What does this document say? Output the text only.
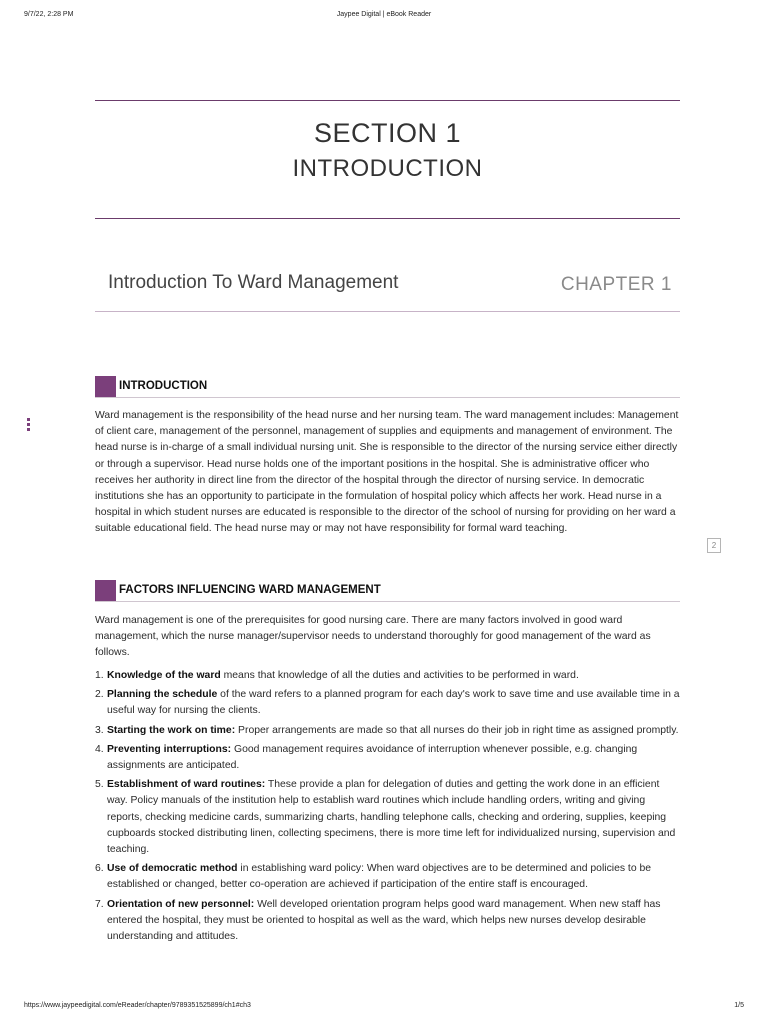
9/7/22, 2:28 PM	Jaypee Digital | eBook Reader
SECTION 1
INTRODUCTION
Introduction To Ward Management	CHAPTER 1
INTRODUCTION

Ward management is the responsibility of the head nurse and her nursing team. The ward management includes: Management of client care, management of the personnel, management of supplies and equipments and management of environment. The head nurse is in-charge of a small individual nursing unit. She is responsible to the director of the nursing service either directly or through a supervisor. Head nurse holds one of the important positions in the hospital. She is administrative officer who receives her authority in direct line from the director of the hospital through the director of nursing service. In democratic institutions she has an opportunity to participate in the formulation of hospital policy which affects her work. Head nurse in a hospital in which student nurses are educated is responsible to the director of the school of nursing for providing on her ward a suitable educational field. The head nurse may or may not have responsibility for formal ward teaching.

2
FACTORS INFLUENCING WARD MANAGEMENT

Ward management is one of the prerequisites for good nursing care. There are many factors involved in good ward management, which the nurse manager/supervisor needs to understand thoroughly for good management of the ward as follows.

1. Knowledge of the ward means that knowledge of all the duties and activities to be performed in ward.
2. Planning the schedule of the ward refers to a planned program for each day's work to save time and use available time in a useful way for nursing the clients.
3. Starting the work on time: Proper arrangements are made so that all nurses do their job in right time as assigned promptly.
4. Preventing interruptions: Good management requires avoidance of interruption whenever possible, e.g. changing assignments are anticipated.
5. Establishment of ward routines: These provide a plan for delegation of duties and getting the work done in an efficient way. Policy manuals of the institution help to establish ward routines which include handling orders, writing and giving reports, checking medicine cards, summarizing charts, handling telephone calls, checking and ordering, supplies, keeping cupboards stocked distributing linen, collecting specimens, there is more time left for individualized nursing, supervision and teaching.
6. Use of democratic method in establishing ward policy: When ward objectives are to be determined and policies to be established or changed, better co-operation are achieved if participation of the entire staff is encouraged.
7. Orientation of new personnel: Well developed orientation program helps good ward management. When new staff has entered the hospital, they must be oriented to hospital as well as the ward, which helps new nurses develop desirable understanding and attitudes.
https://www.jaypeedigital.com/eReader/chapter/9789351525899/ch1#ch3	1/5
